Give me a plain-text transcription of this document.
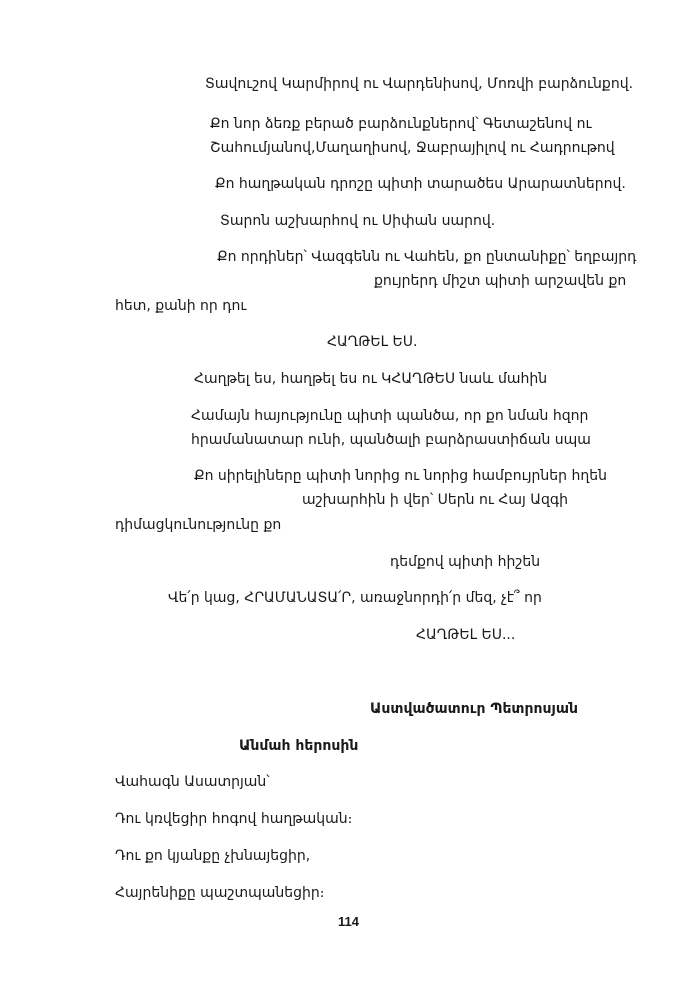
Տավուշով Կարմիրով ու Վարդենիսով, Մոռվի բարձունքով.
Քո նոր ձեռք բերած բարձունքներով՝ Գետաշենով ու
Շահումյանով,Մաղաղիսով, Ջաբրայիլով ու Հադրութով
Քո հաղթական դրոշը պիտի տարածես Արարատներով.
Տարոն աշխարհով ու Սիփան սարով.
Քո որդիներ՝ Վազգենն ու Վահեն, քո ընտանիքը՝ եղբայրդ
քույրերդ միշտ պիտի արշավեն քո
հետ, քանի որ դու
ՀԱՂԹԵԼ ԵՍ.
Հաղթել ես, հաղթել ես ու ԿՀԱՂԹԵՍ նաև մահին
Համայն հայությունը պիտի պանծա, որ քո նման հզոր
հրամանատար ունի, պանծալի բարձրաստիճան սպա
Քո սիրելիները պիտի նորից ու նորից համբույրներ հղեն
աշխարհին ի վեր՝ Սերն ու Հայ Ազգի
դիմացկունությունը քո
դեմքով պիտի հիշեն
Վե՛ր կաց, ՀՐԱՄԱՆԱՏԱ՛Ր, առաջնորդի՛ր մեզ, չէ՞ որ
ՀԱՂԹԵԼ ԵՍ...
Աստվածատուր Պետրոսյան
Անմահ հերոսին
Վահագն Ասատրյան՝
Դու կռվեցիր հոգով հաղթական։
Դու քո կյանքը չխնայեցիր,
Հայրենիքը պաշտպանեցիր։
114
